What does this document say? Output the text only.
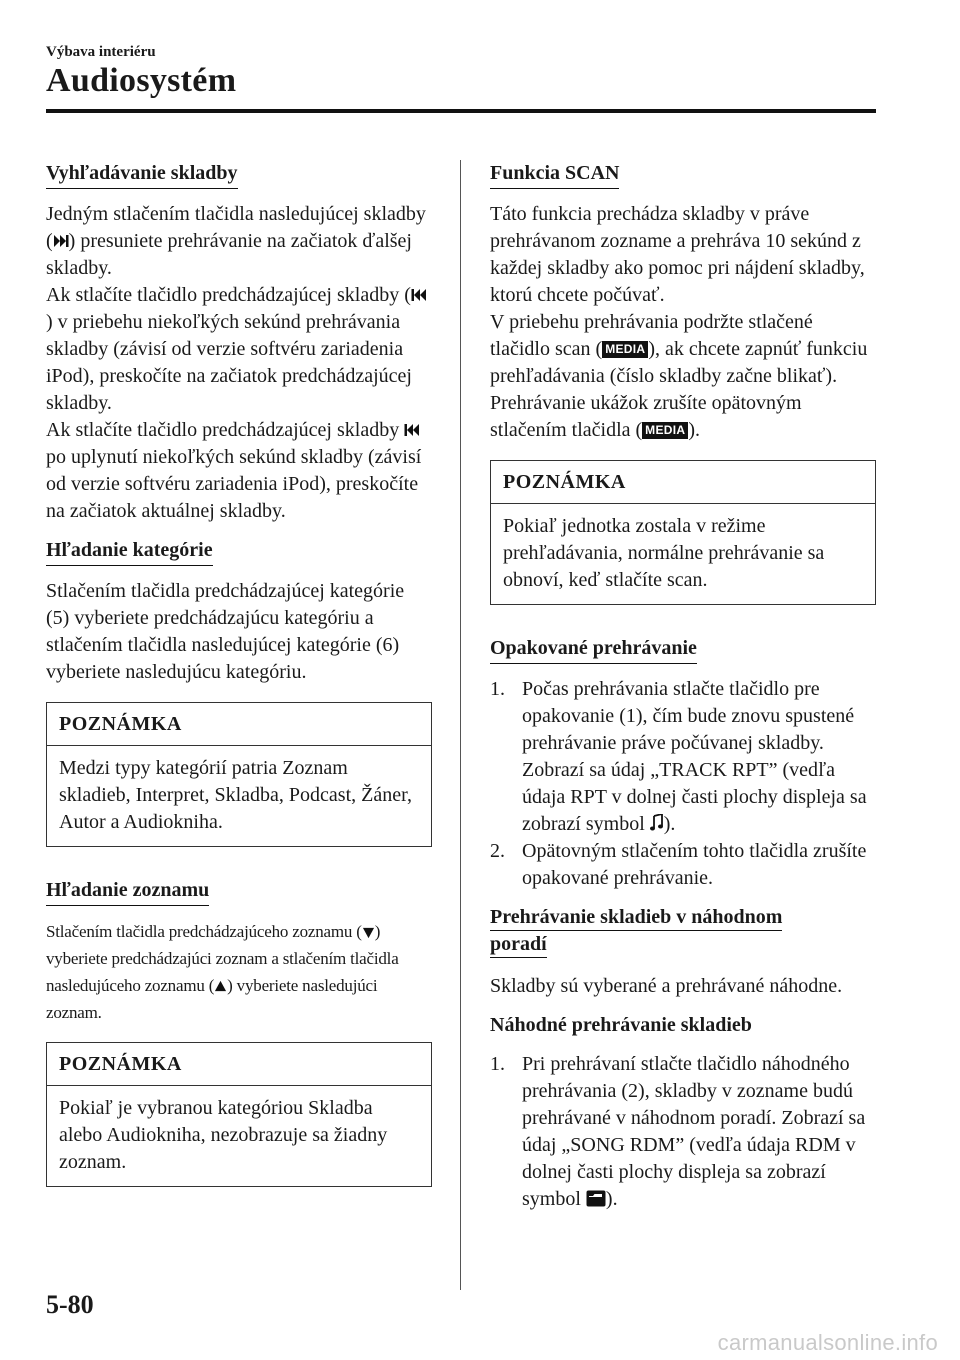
Výbava interiéru
Audiosystém
Vyhľadávanie skladby

Jedným stlačením tlačidla nasledujúcej skladby ( ) presuniete prehrávanie na začiatok ďalšej skladby.

Ak stlačíte tlačidlo predchádzajúcej skladby () v priebehu niekoľkých sekúnd prehrávania skladby (závisí od verzie softvéru zariadenia iPod), preskočíte na začiatok predchádzajúcej skladby.

Ak stlačíte tlačidlo predchádzajúcej skladby  po uplynutí niekoľkých sekúnd skladby (závisí od verzie softvéru zariadenia iPod), preskočíte na začiatok aktuálnej skladby.

Hľadanie kategórie

Stlačením tlačidla predchádzajúcej kategórie (5) vyberiete predchádzajúcu kategóriu a stlačením tlačidla nasledujúcej kategórie (6) vyberiete nasledujúcu kategóriu.

POZNÁMKA
Medzi typy kategórií patria Zoznam skladieb, Interpret, Skladba, Podcast, Žáner, Autor a Audiokniha.
Hľadanie zoznamu

Stlačením tlačidla predchádzajúceho zoznamu ( ) vyberiete predchádzajúci zoznam a stlačením tlačidla nasledujúceho zoznamu ( ) vyberiete nasledujúci zoznam.

POZNÁMKA
Pokiaľ je vybranou kategóriou Skladba alebo Audiokniha, nezobrazuje sa žiadny zoznam.
Funkcia SCAN

Táto funkcia prechádza skladby v práve prehrávanom zozname a prehráva 10 sekúnd z každej skladby ako pomoc pri nájdení skladby, ktorú chcete počúvať.

V priebehu prehrávania podržte stlačené tlačidlo scan ( MEDIA ), ak chcete zapnúť funkciu prehľadávania (číslo skladby začne blikať). Prehrávanie ukážok zrušíte opätovným stlačením tlačidla ( MEDIA ).

POZNÁMKA
Pokiaľ jednotka zostala v režime prehľadávania, normálne prehrávanie sa obnoví, keď stlačíte scan.
Opakované prehrávanie
1. Počas prehrávania stlačte tlačidlo pre opakovanie (1), čím bude znovu spustené prehrávanie práve počúvanej skladby. Zobrazí sa údaj „TRACK RPT” (vedľa údaja RPT v dolnej časti plochy displeja sa zobrazí symbol ).
2. Opätovným stlačením tohto tlačidla zrušíte opakované prehrávanie.
Prehrávanie skladieb v náhodnom poradí

Skladby sú vyberané a prehrávané náhodne.

Náhodné prehrávanie skladieb

1. Pri prehrávaní stlačte tlačidlo náhodného prehrávania (2), skladby v zozname budú prehrávané v náhodnom poradí. Zobrazí sa údaj „SONG RDM” (vedľa údaja RDM v dolnej časti plochy displeja sa zobrazí symbol ).
5-80
carmanualsonline.info
